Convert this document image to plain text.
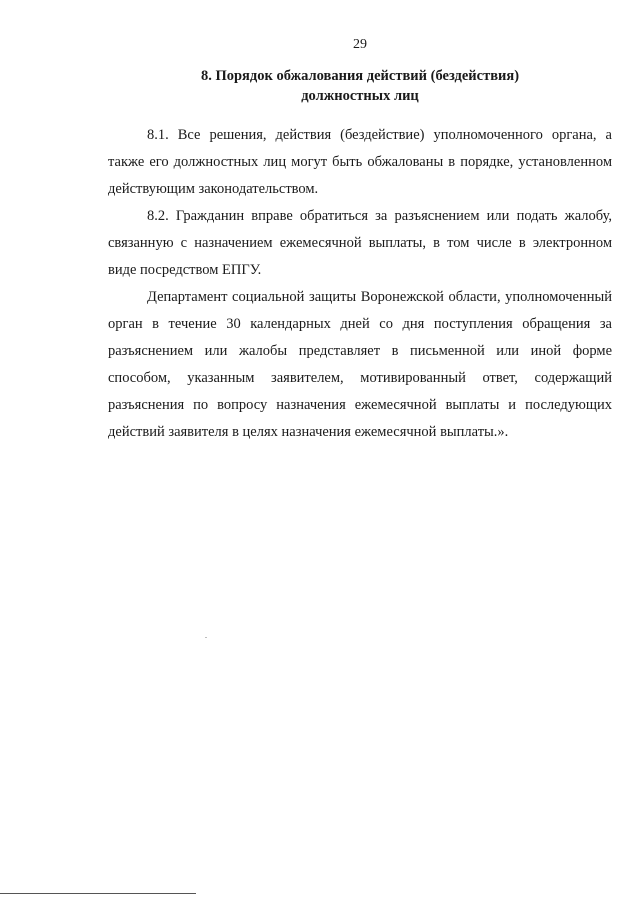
29
8. Порядок обжалования действий (бездействия)
должностных лиц

8.1. Все решения, действия (бездействие) уполномоченного органа, а также его должностных лиц могут быть обжалованы в порядке, установленном действующим законодательством.

8.2. Гражданин вправе обратиться за разъяснением или подать жалобу, связанную с назначением ежемесячной выплаты, в том числе в электронном виде посредством ЕПГУ.

Департамент социальной защиты Воронежской области, уполномоченный орган в течение 30 календарных дней со дня поступления обращения за разъяснением или жалобы представляет в письменной или иной форме способом, указанным заявителем, мотивированный ответ, содержащий разъяснения по вопросу назначения ежемесячной выплаты и последующих действий заявителя в целях назначения ежемесячной выплаты.».
